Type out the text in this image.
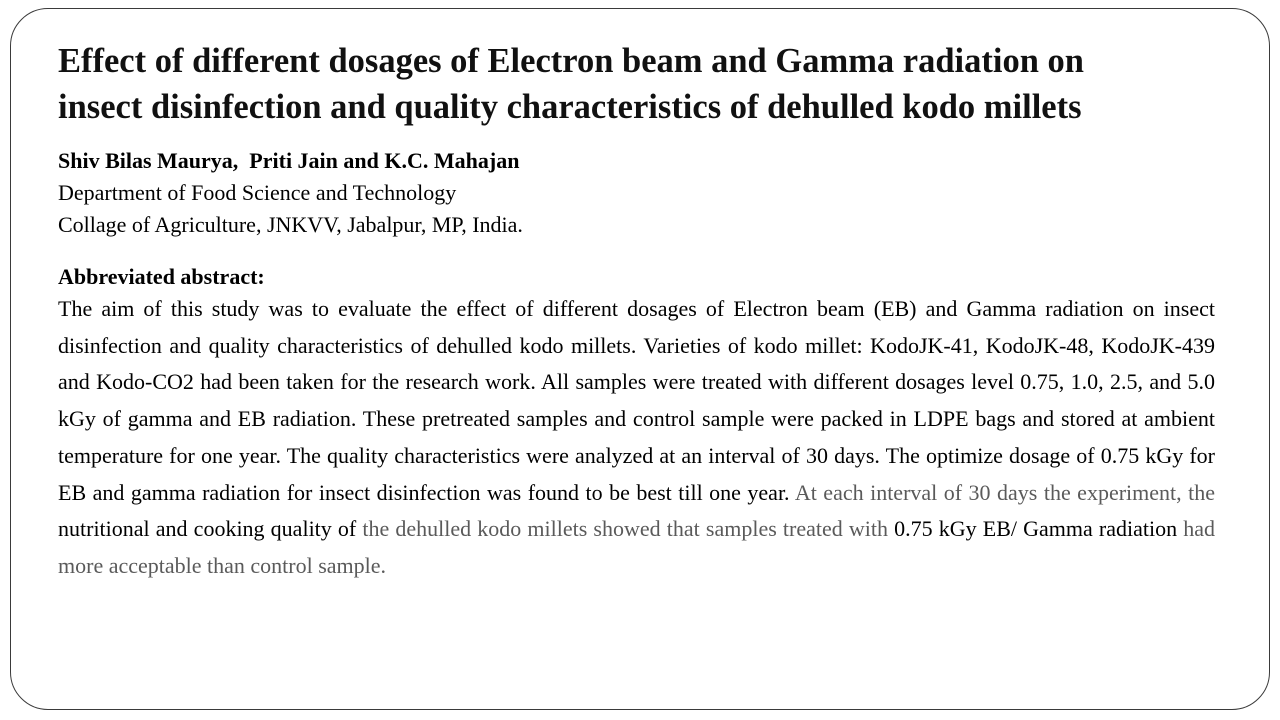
Effect of different dosages of Electron beam and Gamma radiation on
insect disinfection and quality characteristics of dehulled kodo millets
Shiv Bilas Maurya,  Priti Jain and K.C. Mahajan
Department of Food Science and Technology
Collage of Agriculture, JNKVV, Jabalpur, MP, India.
Abbreviated abstract:

The aim of this study was to evaluate the effect of different dosages of Electron beam (EB) and Gamma radiation on insect disinfection and quality characteristics of dehulled kodo millets. Varieties of kodo millet: KodoJK-41, KodoJK-48, KodoJK-439 and Kodo-CO2 had been taken for the research work. All samples were treated with different dosages level 0.75, 1.0, 2.5, and 5.0 kGy of gamma and EB radiation. These pretreated samples and control sample were packed in LDPE bags and stored at ambient temperature for one year. The quality characteristics were analyzed at an interval of 30 days. The optimize dosage of 0.75 kGy for EB and gamma radiation for insect disinfection was found to be best till one year. At each interval of 30 days the experiment, the nutritional and cooking quality of the dehulled kodo millets showed that samples treated with 0.75 kGy EB/ Gamma radiation had more acceptable than control sample.
